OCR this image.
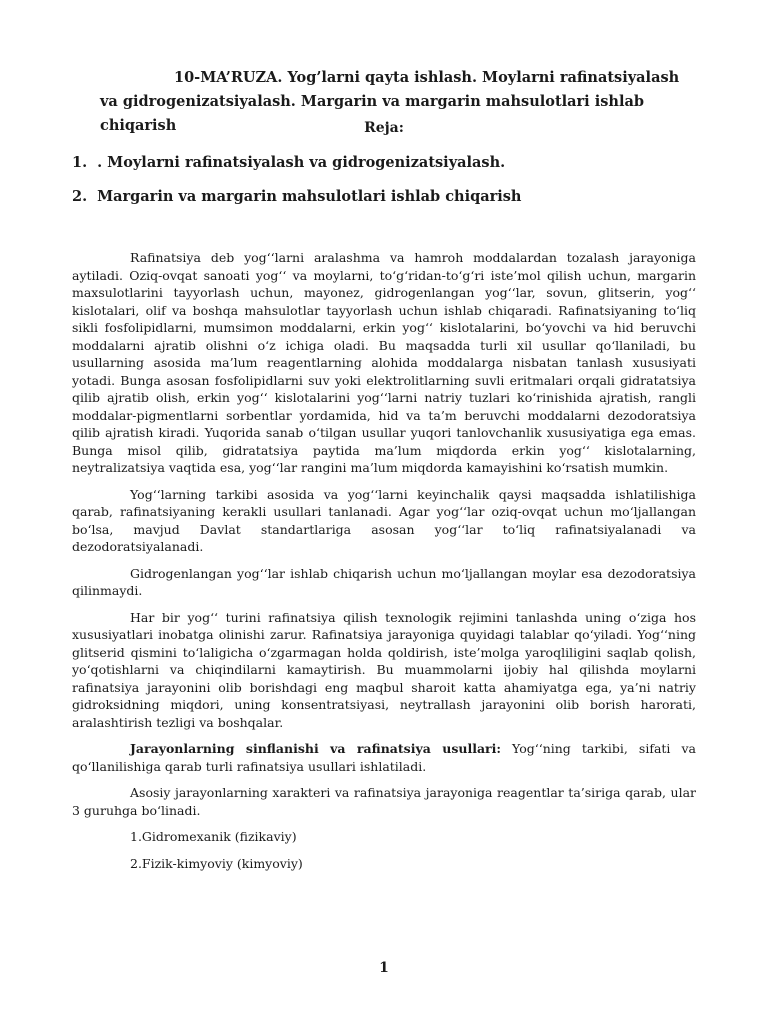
10-MA’RUZA. Yog’larni qayta ishlash. Moylarni rafinatsiyalash va gidrogenizatsiyalash. Margarin va margarin mahsulotlari ishlab chiqarish	Reja:

1. . Moylarni rafinatsiyalash va gidrogenizatsiyalash.

2. Margarin va margarin mahsulotlari ishlab chiqarish

Rafinatsiya deb yog‘‘larni aralashma va hamroh moddalardan tozalash jarayoniga aytiladi. Oziq-ovqat sanoati yog‘‘ va moylarni, to‘g‘ridan-to‘g‘ri iste’mol qilish uchun, margarin maxsulotlarini tayyorlash uchun, mayonez, gidrogenlangan yog‘‘lar, sovun, glitserin, yog‘‘ kislotalari, olif va boshqa mahsulotlar tayyorlash uchun ishlab chiqaradi. Rafinatsiyaning to‘liq sikli fosfolipidlarni, mumsimon moddalarni, erkin yog‘‘ kislotalarini, bo‘yovchi va hid beruvchi moddalarni ajratib olishni o‘z ichiga oladi. Bu maqsadda turli xil usullar qo‘llaniladi, bu usullarning asosida ma’lum reagentlarning alohida moddalarga nisbatan tanlash xususiyati yotadi. Bunga asosan fosfolipidlarni suv yoki elektrolitlarning suvli eritmalari orqali gidratatsiya qilib ajratib olish, erkin yog‘‘ kislotalarini yog‘‘larni natriy tuzlari ko‘rinishida ajratish, rangli moddalar-pigmentlarni sorbentlar yordamida, hid va ta’m beruvchi moddalarni dezodoratsiya qilib ajratish kiradi. Yuqorida sanab o‘tilgan usullar yuqori tanlovchanlik xususiyatiga ega emas. Bunga misol qilib, gidratatsiya paytida ma’lum miqdorda erkin yog‘‘ kislotalarning, neytralizatsiya vaqtida esa, yog‘‘lar rangini ma’lum miqdorda kamayishini ko‘rsatish mumkin.

Yog‘‘larning tarkibi asosida va yog‘‘larni keyinchalik qaysi maqsadda ishlatilishiga qarab, rafinatsiyaning kerakli usullari tanlanadi. Agar yog‘‘lar oziq-ovqat uchun mo‘ljallangan bo‘lsa, mavjud Davlat standartlariga asosan yog‘‘lar to‘liq rafinatsiyalanadi va dezodoratsiyalanadi.

Gidrogenlangan yog‘‘lar ishlab chiqarish uchun mo‘ljallangan moylar esa dezodoratsiya qilinmaydi.

Har bir yog‘‘ turini rafinatsiya qilish texnologik rejimini tanlashda uning o‘ziga hos xususiyatlari inobatga olinishi zarur. Rafinatsiya jarayoniga quyidagi talablar qo‘yiladi. Yog‘‘ning glitserid qismini to‘laligicha o‘zgarmagan holda qoldirish, iste’molga yaroqliligini saqlab qolish, yo‘qotishlarni va chiqindilarni kamaytirish. Bu muammolarni ijobiy hal qilishda moylarni rafinatsiya jarayonini olib borishdagi eng maqbul sharoit katta ahamiyatga ega, ya’ni natriy gidroksidning miqdori, uning konsentratsiyasi, neytrallash jarayonini olib borish harorati, aralashtirish tezligi va boshqalar.

Jarayonlarning sinflanishi va rafinatsiya usullari: Yog‘‘ning tarkibi, sifati va qo‘llanilishiga qarab turli rafinatsiya usullari ishlatiladi.

Asosiy jarayonlarning xarakteri va rafinatsiya jarayoniga reagentlar ta’siriga qarab, ular 3 guruhga bo‘linadi.

1.Gidromexanik (fizikaviy)

2.Fizik-kimyoviy (kimyoviy)

1
